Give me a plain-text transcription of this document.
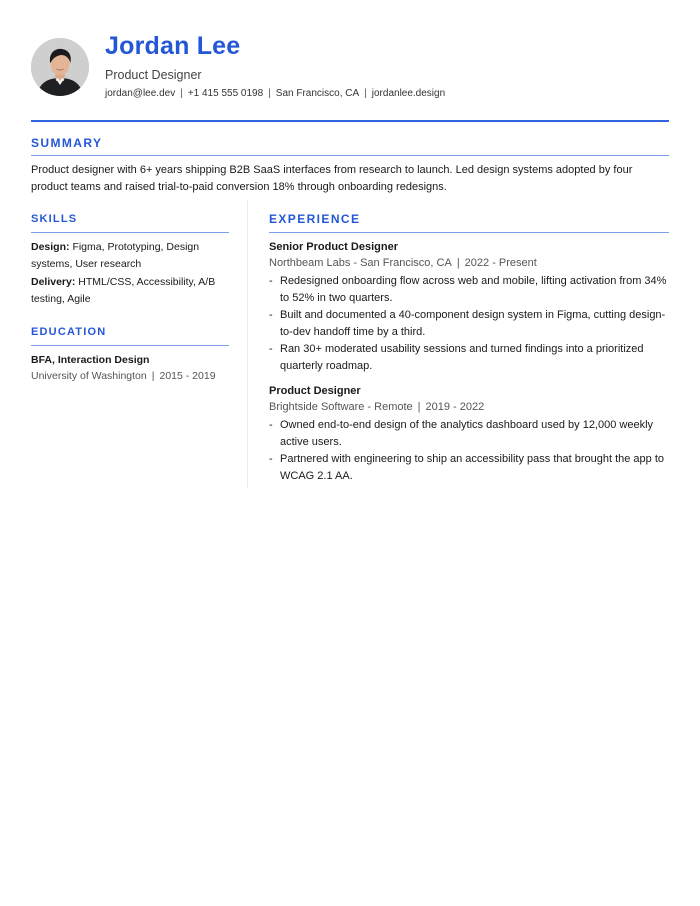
Jordan Lee
Product Designer
jordan@lee.dev | +1 415 555 0198 | San Francisco, CA | jordanlee.design
SUMMARY

Product designer with 6+ years shipping B2B SaaS interfaces from research to launch. Led design systems adopted by four product teams and raised trial-to-paid conversion 18% through onboarding redesigns.

SKILLS

Design: Figma, Prototyping, Design systems, User research

Delivery: HTML/CSS, Accessibility, A/B testing, Agile

EDUCATION
BFA, Interaction Design
University of Washington | 2015 - 2019
EXPERIENCE
Senior Product Designer
Northbeam Labs - San Francisco, CA | 2022 - Present
- Redesigned onboarding flow across web and mobile, lifting activation from 34% to 52% in two quarters.
- Built and documented a 40-component design system in Figma, cutting design-to-dev handoff time by a third.
- Ran 30+ moderated usability sessions and turned findings into a prioritized quarterly roadmap.
Product Designer
Brightside Software - Remote | 2019 - 2022
- Owned end-to-end design of the analytics dashboard used by 12,000 weekly active users.
- Partnered with engineering to ship an accessibility pass that brought the app to WCAG 2.1 AA.
